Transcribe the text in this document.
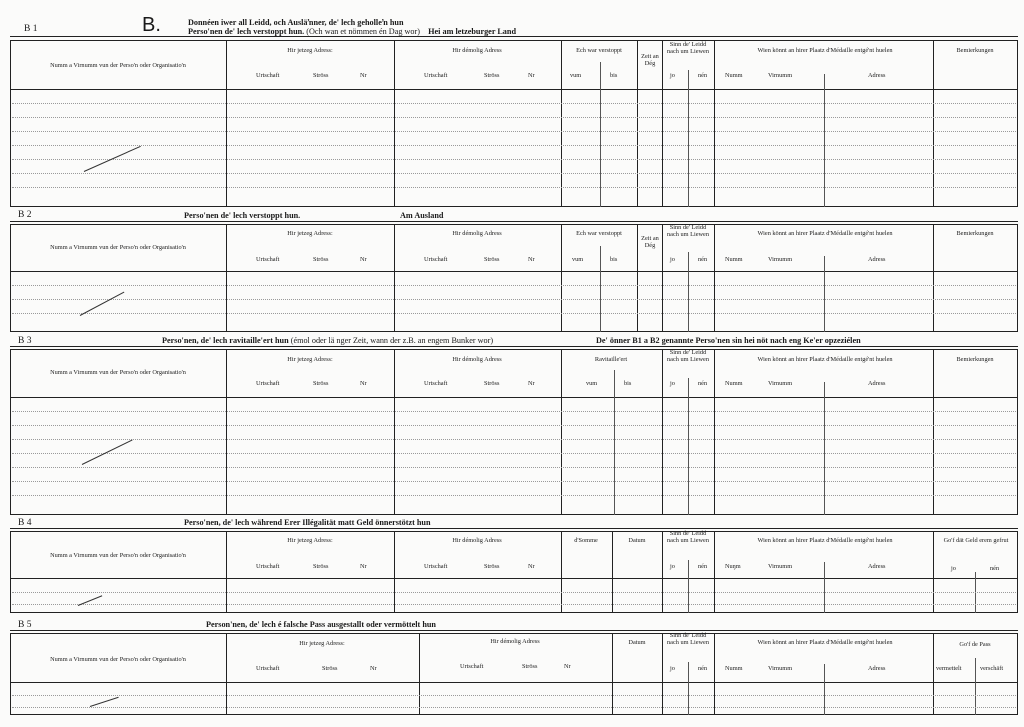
B.
B 1
Donnéen iwer all Leidd, och Ausläŉner, de' lech geholleŉ hun
Perso'nen de' lech verstoppt hun. (Och wan et nömmen én Dag wor) Hei am letzeburger Land
Numm a Virnumm vun der Perso'n oder Organisatio'n
Hir jetzeg Adress:
Urtschaft	Ströss	Nr
Hir démolig Adress
Urtschaft	Ströss	Nr
Ech war verstoppt
vum	bis
Zeit an Dég
Sinn de' Leidd nach um Liewen
jo	nén
Wien könnt an hirer Plaatz d'Médaille entgé'nt huelen
Numm	Virnumm	Adress
Bemierkungen
B 2	Perso'nen de' lech verstoppt hun.	Am Ausland
Numm a Virnumm vun der Perso'n oder Organisatio'n
Hir jetzeg Adress:
Urtschaft	Ströss	Nr
Hir démolig Adress
Urtschaft	Ströss	Nr
Ech war verstoppt
vum	bis
Zeit an Dég
Sinn de' Leidd nach um Liewen
jo	nén
Wien könnt an hirer Plaatz d'Médaille entgé'nt huelen
Numm	Virnumm	Adress
Bemierkungen
B 3	Perso'nen, de' lech ravitaille'ert hun (émol oder lä nger Zeit, wann der z.B. an engem Bunker wor)	De' önner B1 a B2 genannte Perso'nen sin hei nöt nach eng Ke'er opzeziélen
Numm a Virnumm vun der Perso'n oder Organisatio'n
Hir jetzeg Adress:
Urtschaft	Ströss	Nr
Hir démolig Adress
Urtschaft	Ströss	Nr
Ravitaille'ert
vum	bis
Sinn de' Leidd nach um Liewen
jo	nén
Wien könnt an hirer Plaatz d'Médaille entgé'nt huelen
Numm	Virnumm	Adress
Bemierkungen
B 4	Perso'nen, de' lech während Erer Illégalität matt Geld önnerstötzt hun
Numm a Virnumm vun der Perso'n oder Organisatio'n
Hir jetzeg Adress:
Urtschaft	Ströss	Nr
Hir démolig Adress
Urtschaft	Ströss	Nr
d'Somme	Datum
Sinn de' Leidd nach um Liewen
jo	nén
Wien könnt an hirer Plaatz d'Médaille entgé'nt huelen
Nuŋm	Virnumm	Adress
Go'f dät Geld erem gefrut
jo	nén
B 5	Person'nen, de' lech é falsche Pass ausgestallt oder vermöttelt hun
Numm a Virnumm vun der Perso'n oder Organisatio'n
Hir jetzeg Adress:
Urtschaft	Ströss	Nr
Hir démolig Adress
Urtschaft	Ströss	Nr
Datum
Sinn de' Leidd nach um Liewen
jo	nén
Wien könnt an hirer Plaatz d'Médaille entgé'nt huelen
Numm	Virnumm	Adress
Go'f de Pass
vermettelt	verschäft
